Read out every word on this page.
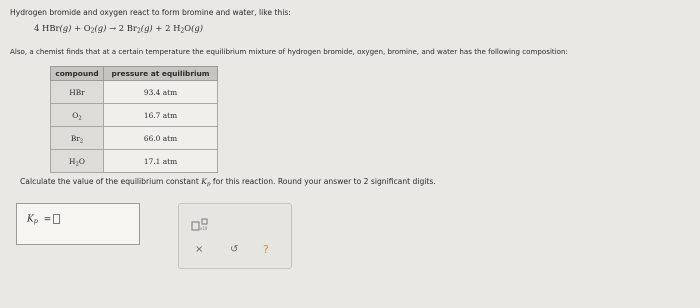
Hydrogen bromide and oxygen react to form bromine and water, like this:
4 $HBr(g) + O_2(g) \to 2$ $Br_2(g) + 2$ $H_2O(g)$
Also, a chemist finds that at a certain temperature the equilibrium mixture of hydrogen bromide, oxygen, bromine, and water has the following composition:
compound	pressure at equilibrium
HBr	93.4 atm
$O_2$	16.7 atm
$Br_2$	66.0 atm
$H_2O$	17.1 atm
Calculate the value of the equilibrium constant $K_p$ for this reaction. Round your answer to 2 significant digits.
$K_p$ =
x10
×	↺ ?
